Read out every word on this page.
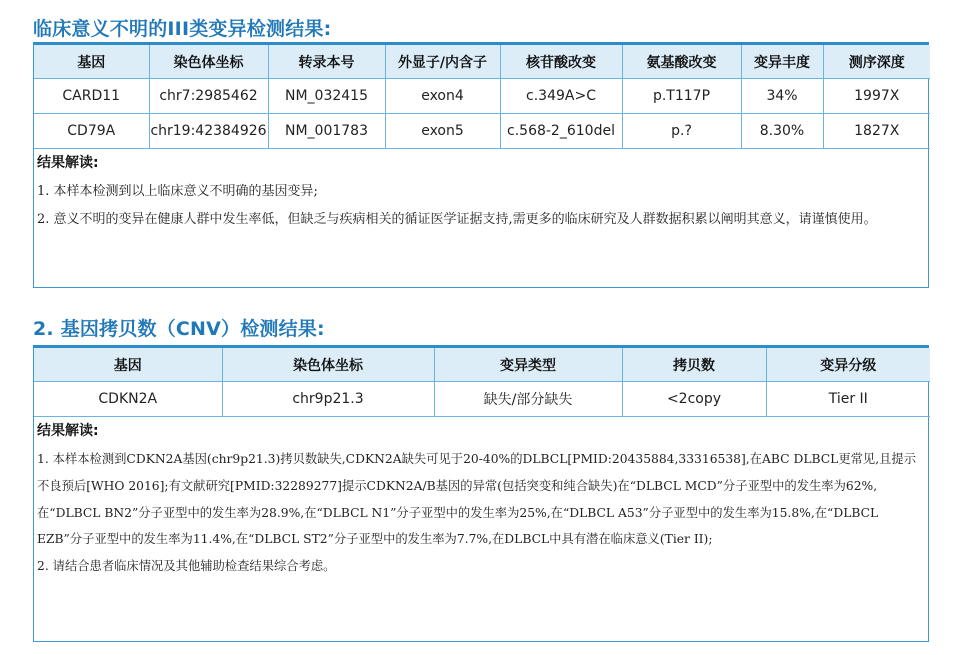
临床意义不明的III类变异检测结果:
基因	染色体坐标	转录本号	外显子/内含子	核苷酸改变	氨基酸改变	变异丰度	测序深度
CARD11	chr7:2985462	NM_032415	exon4	c.349A>C	p.T117P	34%	1997X
CD79A	chr19:42384926	NM_001783	exon5	c.568-2_610del	p.?	8.30%	1827X
结果解读:

1. 本样本检测到以上临床意义不明确的基因变异;

2. 意义不明的变异在健康人群中发生率低，但缺乏与疾病相关的循证医学证据支持,需更多的临床研究及人群数据积累以阐明其意义，请谨慎使用。

2. 基因拷贝数（CNV）检测结果:
基因	染色体坐标	变异类型	拷贝数	变异分级
CDKN2A	chr9p21.3	缺失/部分缺失	<2copy	Tier II
结果解读:

1. 本样本检测到CDKN2A基因(chr9p21.3)拷贝数缺失,CDKN2A缺失可见于20-40%的DLBCL[PMID:20435884,33316538],在ABC DLBCL更常见,且提示不良预后[WHO 2016];有文献研究[PMID:32289277]提示CDKN2A/B基因的异常(包括突变和纯合缺失)在“DLBCL MCD”分子亚型中的发生率为62%,在“DLBCL BN2”分子亚型中的发生率为28.9%,在“DLBCL N1”分子亚型中的发生率为25%,在“DLBCL A53”分子亚型中的发生率为15.8%,在“DLBCL EZB”分子亚型中的发生率为11.4%,在“DLBCL ST2”分子亚型中的发生率为7.7%,在DLBCL中具有潜在临床意义(Tier II);

2. 请结合患者临床情况及其他辅助检查结果综合考虑。
